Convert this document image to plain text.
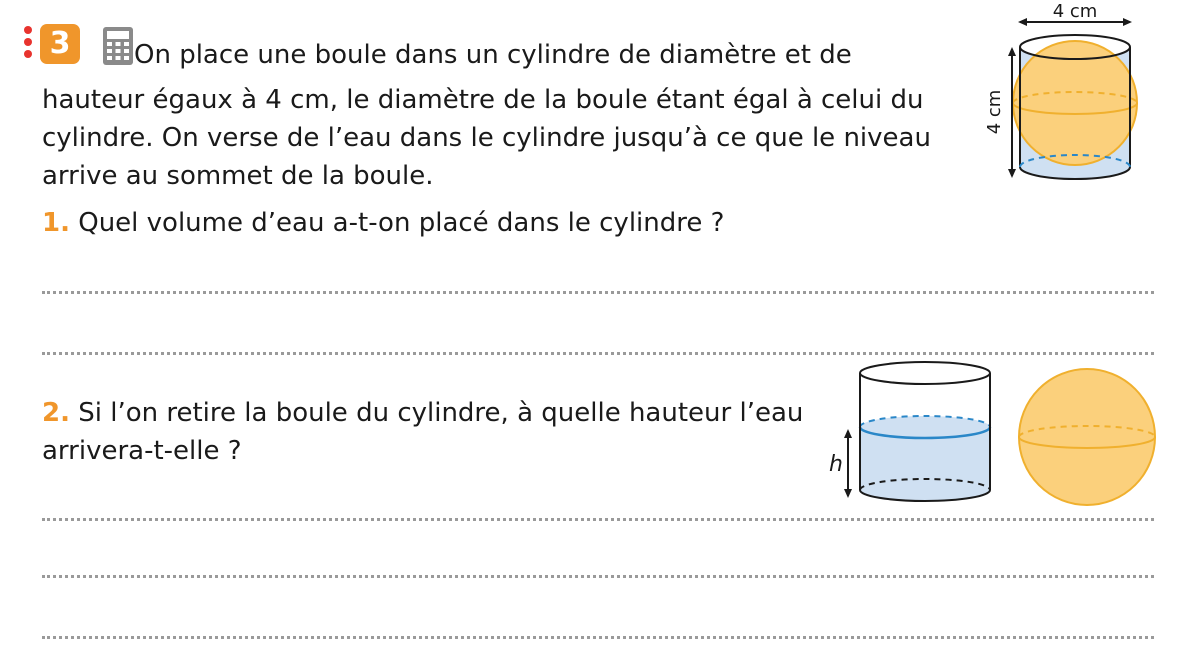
3	On place une boule dans un cylindre de diamètre et de
hauteur égaux à 4 cm, le diamètre de la boule étant égal à celui du
cylindre. On verse de l’eau dans le cylindre jusqu’à ce que le niveau
arrive au sommet de la boule.
1. Quel volume d’eau a-t-on placé dans le cylindre ?
2. Si l’on retire la boule du cylindre, à quelle hauteur l’eau
arrivera-t-elle ?
4 cm
4 cm
h
